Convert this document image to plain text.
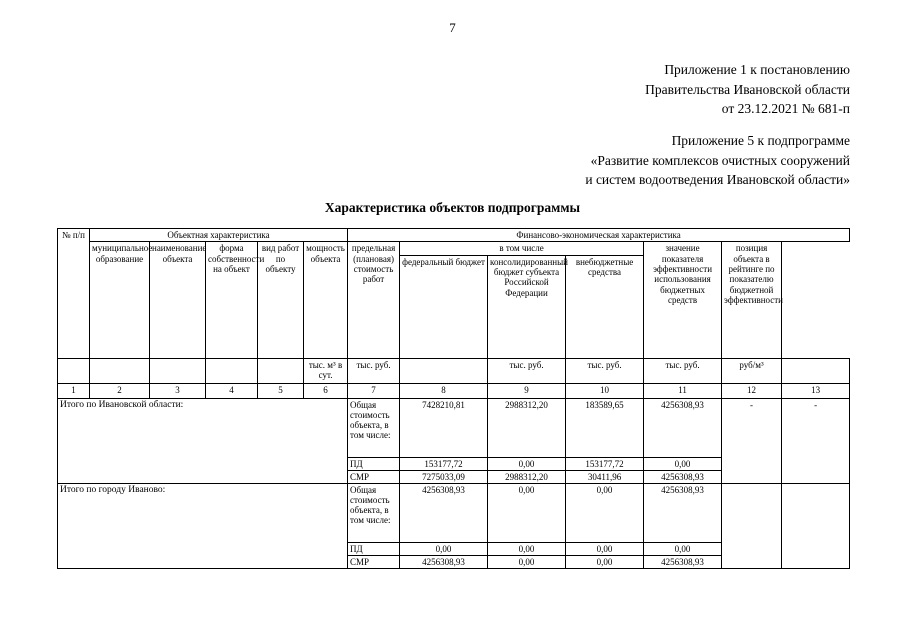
7
Приложение 1 к постановлению
Правительства Ивановской области
от 23.12.2021 № 681-п
Приложение 5 к подпрограмме
«Развитие комплексов очистных сооружений
и систем водоотведения Ивановской области»
Характеристика объектов подпрограммы
№ п/п	Объектная характеристика					Финансово-экономическая характеристика						
	муниципальное образование	наименование объекта	форма собственности на объект	вид работ по объекту	мощность объекта	предельная (плановая) стоимость работ	в том числе			значение показателя эффективности использования бюджетных средств	позиция объекта в рейтинге по показателю бюджетной эффективности	
							федеральный бюджет	консолидированный бюджет субъекта Российской Федерации	внебюджетные средства			
					тыс. м³ в сут.	тыс. руб.		тыс. руб.	тыс. руб.	тыс. руб.	руб/м³	
1	2	3	4	5	6	7	8	9	10	11	12	13
Итого по Ивановской области:						Общая стоимость объекта, в том числе:	7428210,81	2988312,20	183589,65	4256308,93	-	-
						ПД	153177,72	0,00	153177,72	0,00		
						СМР	7275033,09	2988312,20	30411,96	4256308,93		
Итого по городу Иваново:						Общая стоимость объекта, в том числе:	4256308,93	0,00	0,00	4256308,93		
						ПД	0,00	0,00	0,00	0,00		
						СМР	4256308,93	0,00	0,00	4256308,93		
